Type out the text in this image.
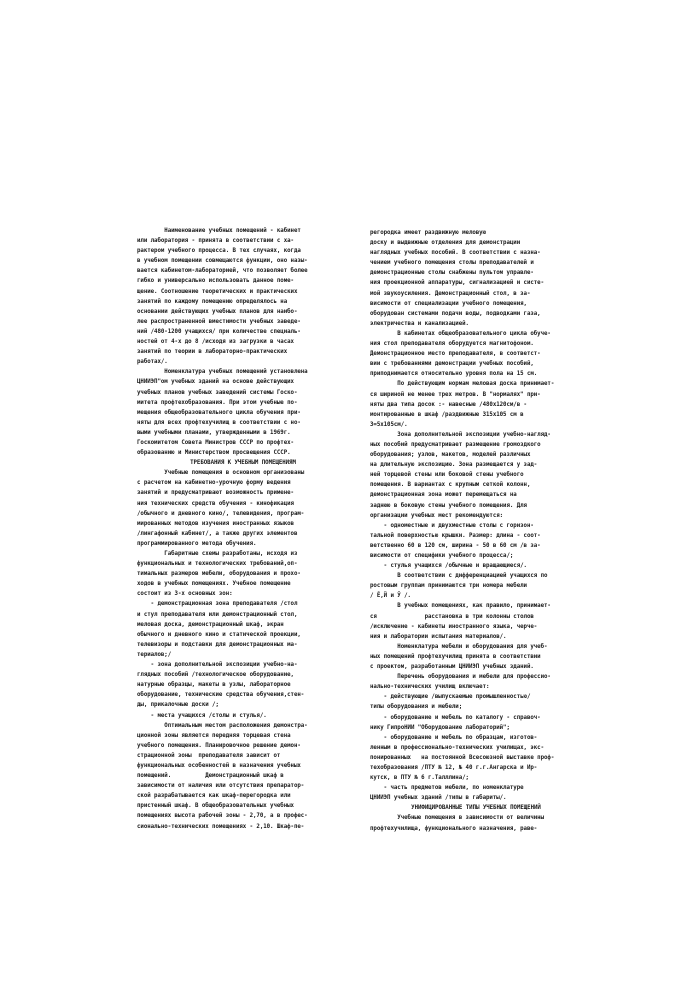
Наименование учебных помещений - кабинет
или лаборатория - принята в соответствии с ха-
рактером учебного процесса. В тех случаях, когда
в учебном помещении совмещаются функции, оно назы-
вается кабинетом-лабораторией, что позволяет более
гибко и универсально использовать данное поме-
щение. Соотношение теоретических и практических
занятий по каждому помещению определялось на
основании действующих учебных планов для наибо-
лее распространенной вместимости учебных заведе-
ний /480-1200 учащихся/ при количестве специаль-
ностей от 4-х до 8 /исходя из загрузки в часах
занятий по теории в лабораторно-практических
работах/.
Номенклатура учебных помещений установлена
ЦНИИЭП"ом учебных зданий на основе действующих
учебных планов учебных заведений системы Госко-
митета профтехобразования. При этом учебные по-
мещения общеобразовательного цикла обучения при-
няты для всех профтехучилищ в соответствии с но-
выми учебными планами, утвержденными в 1969г.
Госкомитетом Совета Министров СССР по профтех-
образованию и Министерством просвещения СССР.
ТРЕБОВАНИЯ К УЧЕБНЫМ ПОМЕЩЕНИЯМ
Учебные помещения в основном организованы
с расчетом на кабинетно-урочную форму ведения
занятий и предусматривают возможность примене-
ния технических средств обучения - кинофикация
/обычного и дневного кино/, телевидения, програм-
мированных методов изучения иностранных языков
/лингафонный кабинет/, а также других элементов
программированного метода обучения.
Габаритные схемы разработаны, исходя из
функциональных и технологических требований,оп-
тимальных размеров мебели, оборудования и прохо-
ходов в учебных помещениях. Учебное помещение
состоит из 3-х основных зон:
- демонстрационная зона преподавателя /стол
и стул преподавателя или демонстрационный стол,
меловая доска, демонстрационный шкаф, экран
обычного и дневного кино и статической проекции,
телевизоры и подставки для демонстрационных ма-
териалов;/
- зона дополнительной экспозиции учебно-на-
глядных пособий /технологическое оборудование,
натурные образцы, макеты в узлы, лабораторное
оборудование, технические средства обучения,стен-
ды, прикалочные доски /;
- места учащихся /столы и стулья/.
Оптимальным местом расположения демонстра-
ционной зоны является передняя торцевая стена
учебного помещения. Планировочное решение демон-
страционной зоны  преподавателя зависит от
функциональных особенностей в назначения учебных
помещений.          Демонстрационный шкаф в
зависимости от наличия или отсутствия препаратор-
ской разрабатывается как шкаф-перегородка или
пристенный шкаф. В общеобразовательных учебных
помещениях высота рабочей зоны - 2,70, а в профес-
сионально-технических помещениях - 2,10. Шкаф-пе-
регородка имеет раздвижную меловую
доску и выдвижные отделения для демонстрации
наглядных учебных пособий. В соответствии с назна-
чением учебного помещения столы преподавателей и
демонстрационные столы снабжены пультом управле-
ния проекционной аппаратуры, сигнализацией и систе-
мой звукоусиления. Демонстрационный стол, в за-
висимости от специализации учебного помещения,
оборудован системами подачи воды, подводками газа,
электричества и канализацией.
В кабинетах общеобразовательного цикла обуче-
ния стол преподавателя оборудуется магнитофоном.
Демонстрационное место преподавателя, в соответст-
вии с требованиями демонстрации учебных пособий,
приподнимается относительно уровня пола на 15 см.
По действующим нормам меловая доска принимает-
ся шириной не менее трех метров. В "нормалях" при-
няты два типа досок :- навесные /480х120см/в -
монтированные в шкаф /раздвижные 315х105 см в
3=5х105см/.
Зона дополнительной экспозиции учебно-нагляд-
ных пособий предусматривает размещение громоздкого
оборудования; узлов, макетов, моделей различных
на длительную экспозицию. Зона размещается у зад-
ней торцевой стены или боковой стены учебного
помещения. В вариантах с крупным сеткой колонн,
демонстрационная зона может перемещаться на
заднюю в боковую стены учебного помещения. Для
организации учебных мест рекомендуются:
- одноместные и двухместные столы с горизон-
тальной поверхностью крышки. Размер: длина - соот-
ветственно 60 в 120 см, ширина - 50 в 60 см /в за-
висимости от специфики учебного процесса/;
- стулья учащихся /обычные и вращающиеся/.
В соответствии с дифференциацией учащихся по
ростовым группам принимаются три номера мебели
/ Ӗ,Ӥ и Ӱ /.
В учебных помещениях, как правило, принимает-
ся              расстановка в три колонны столов
/исключение - кабинеты иностранного языка, черче-
ния и лаборатории испытания материалов/.
Номенклатура мебели и оборудования для учеб-
ных помещений профтехучилищ принята в соответствии
с проектом, разработанным ЦНИИЭП учебных зданий.
Перечень оборудования и мебели для профессио-
нально-технических училищ включает:
- действующие /выпускаемые промышленностью/
типы оборудования и мебели;
- оборудование и мебель по каталогу - справоч-
нику ГипроНИИ "Оборудование лабораторий";
- оборудование и мебель по образцам, изготов-
ленным в профессионально-технических училищах, экс-
понированных   на постоянной Всесоюзной выставке проф-
техобразования /ПТУ № 12, № 40 г.г.Ангарска и Ир-
кутск, в ПТУ № 6 г.Талллина/;
- часть предметов мебели, по номенклатуре
ЦНИИЭП учебных зданий /типы в габариты/.
УНИФИЦИРОВАННЫЕ ТИПЫ УЧЕБНЫХ ПОМЕЩЕНИЙ
Учебные помещения в зависимости от величины
профтехучилища, функционального назначения, раве-
